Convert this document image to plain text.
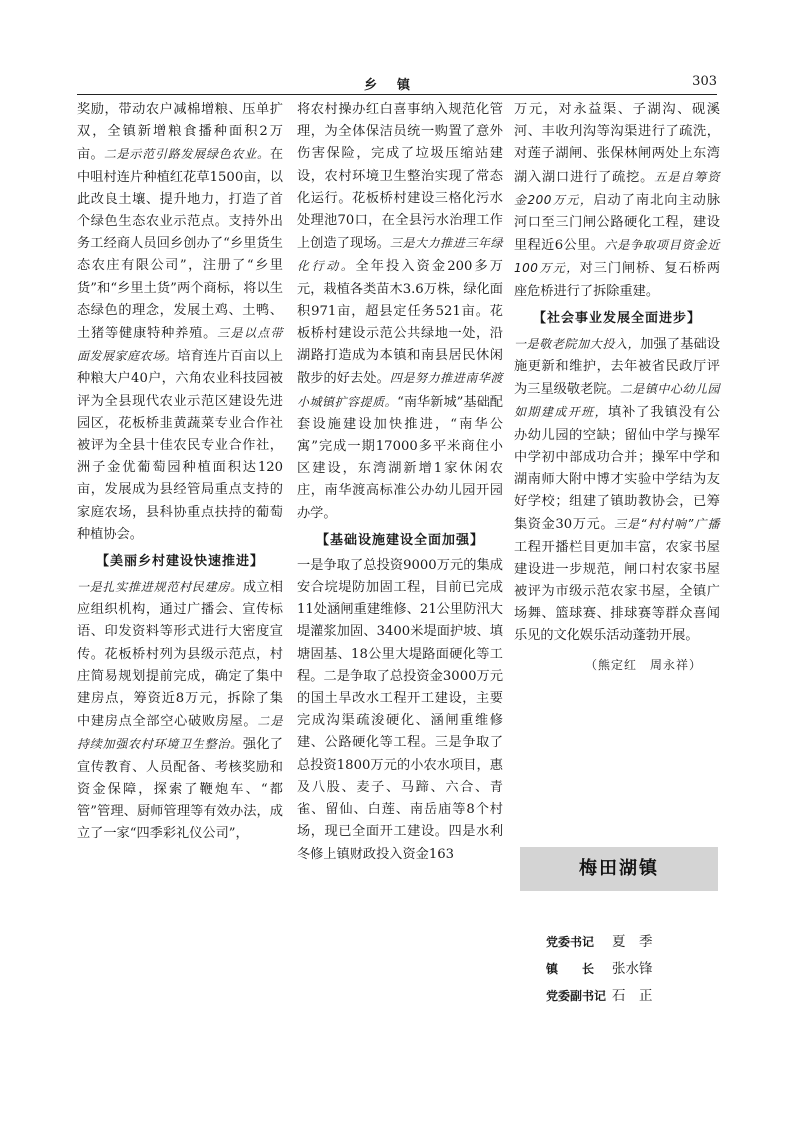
乡镇	303

奖励，带动农户减棉增粮、压单扩双，全镇新增粮食播种面积2万亩。二是示范引路发展绿色农业。在中咀村连片种植红花草1500亩，以此改良土壤、提升地力，打造了首个绿色生态农业示范点。支持外出务工经商人员回乡创办了“乡里货生态农庄有限公司”，注册了“乡里货”和“乡里土货”两个商标，将以生态绿色的理念，发展土鸡、土鸭、土猪等健康特种养殖。三是以点带面发展家庭农场。培育连片百亩以上种粮大户40户，六角农业科技园被评为全县现代农业示范区建设先进园区，花板桥韭黄蔬菜专业合作社被评为全县十佳农民专业合作社，洲子金优葡萄园种植面积达120亩，发展成为县经管局重点支持的家庭农场，县科协重点扶持的葡萄种植协会。

【美丽乡村建设快速推进】

一是扎实推进规范村民建房。成立相应组织机构，通过广播会、宣传标语、印发资料等形式进行大密度宣传。花板桥村列为县级示范点，村庄简易规划提前完成，确定了集中建房点，筹资近8万元，拆除了集中建房点全部空心破败房屋。二是持续加强农村环境卫生整治。强化了宣传教育、人员配备、考核奖励和资金保障，探索了鞭炮车、“都管”管理、厨师管理等有效办法，成立了一家“四季彩礼仪公司”，

将农村操办红白喜事纳入规范化管理，为全体保洁员统一购置了意外伤害保险，完成了垃圾压缩站建设，农村环境卫生整治实现了常态化运行。花板桥村建设三格化污水处理池70口，在全县污水治理工作上创造了现场。三是大力推进三年绿化行动。全年投入资金200多万元，栽植各类苗木3.6万株，绿化面积971亩，超县定任务521亩。花板桥村建设示范公共绿地一处，沿湖路打造成为本镇和南县居民休闲散步的好去处。四是努力推进南华渡小城镇扩容提质。“南华新城”基础配套设施建设加快推进，“南华公寓”完成一期17000多平米商住小区建设，东湾湖新增1家休闲农庄，南华渡高标准公办幼儿园开园办学。

【基础设施建设全面加强】

一是争取了总投资9000万元的集成安合垸堤防加固工程，目前已完成11处涵闸重建维修、21公里防汛大堤灌浆加固、3400米堤面护坡、填塘固基、18公里大堤路面硬化等工程。二是争取了总投资金3000万元的国土旱改水工程开工建设，主要完成沟渠疏浚硬化、涵闸重维修建、公路硬化等工程。三是争取了总投资1800万元的小农水项目，惠及八股、麦子、马蹄、六合、青雀、留仙、白莲、南岳庙等8个村场，现已全面开工建设。四是水利冬修上镇财政投入资金163

万元，对永益渠、子湖沟、砚溪河、丰收刋沟等沟渠进行了疏洗，对莲子湖闸、张保林闸两处上东湾湖入湖口进行了疏挖。五是自筹资金200万元，启动了南北向主动脉河口至三门闸公路硬化工程，建设里程近6公里。六是争取项目资金近100万元，对三门闸桥、复石桥两座危桥进行了拆除重建。

【社会事业发展全面进步】

一是敬老院加大投入，加强了基础设施更新和维护，去年被省民政厅评为三星级敬老院。二是镇中心幼儿园如期建成开班，填补了我镇没有公办幼儿园的空缺；留仙中学与操军中学初中部成功合并；操军中学和湖南师大附中博才实验中学结为友好学校；组建了镇助教协会，已筹集资金30万元。三是“村村响”广播工程开播栏目更加丰富，农家书屋建设进一步规范，闸口村农家书屋被评为市级示范农家书屋，全镇广场舞、篮球赛、排球赛等群众喜闻乐见的文化娱乐活动蓬勃开展。

（熊定红　周永祥）
梅田湖镇
党委书记 夏　季
镇　　长 张水锋
党委副书记 石　正
